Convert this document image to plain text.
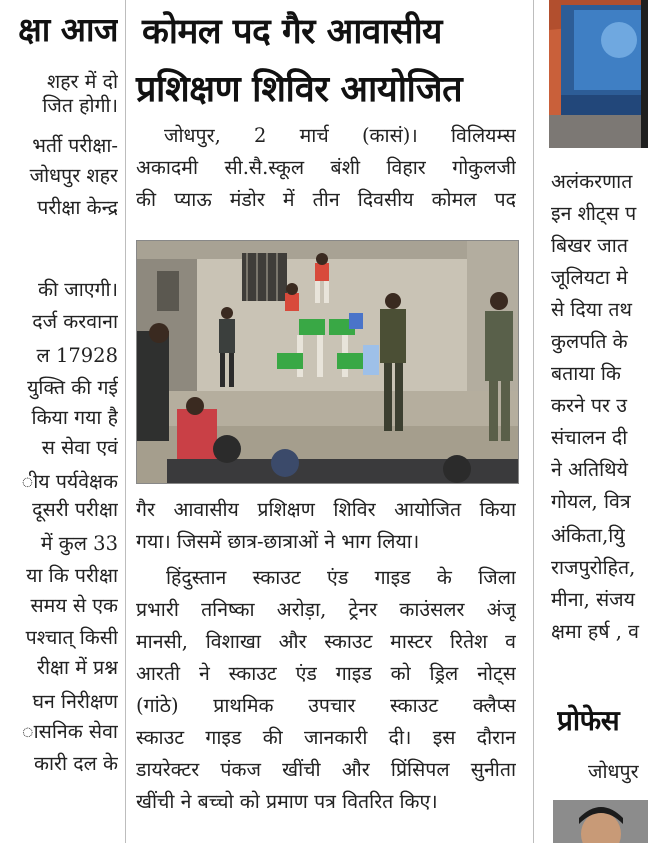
क्षा आज
शहर में दो
जित होगी।
भर्ती परीक्षा-
जोधपुर शहर
परीक्षा केन्द्र
की जाएगी।
दर्ज करवाना
ल 17928
युक्ति की गई
किया गया है
स सेवा एवं
ीय पर्यवेक्षक
दूसरी परीक्षा
में कुल 33
या कि परीक्षा
समय से एक
पश्चात् किसी
रीक्षा में प्रश्न
घन निरीक्षण
ासनिक सेवा
कारी दल के
कोमल पद गैर आवासीय
प्रशिक्षण शिविर आयोजित
जोधपुर, 2 मार्च (कासं)। विलियम्स
अकादमी सी.सै.स्कूल बंशी विहार गोकुलजी
की प्याऊ मंडोर में तीन दिवसीय कोमल पद
गैर आवासीय प्रशिक्षण शिविर आयोजित किया
गया। जिसमें छात्र-छात्राओं ने भाग लिया।
हिंदुस्तान स्काउट एंड गाइड के जिला
प्रभारी तनिष्का अरोड़ा, ट्रेनर काउंसलर अंजू
मानसी, विशाखा और स्काउट मास्टर रितेश व
आरती ने स्काउट एंड गाइड को ड्रिल नोट्स
(गांठे) प्राथमिक उपचार स्काउट क्लैप्स
स्काउट गाइड की जानकारी दी। इस दौरान
डायरेक्टर पंकज खींची और प्रिंसिपल सुनीता
खींची ने बच्चो को प्रमाण पत्र वितरित किए।
अलंकरणात
इन शीट्स प
बिखर जात
जूलियटा मे
से दिया तथ
कुलपति के
बताया कि
करने पर उ
संचालन दी
ने अतिथिये
गोयल, वित्र
अंकिता,युि
राजपुरोहित,
मीना, संजय
क्षमा हर्ष , व
प्रोफेस
जोधपुर
